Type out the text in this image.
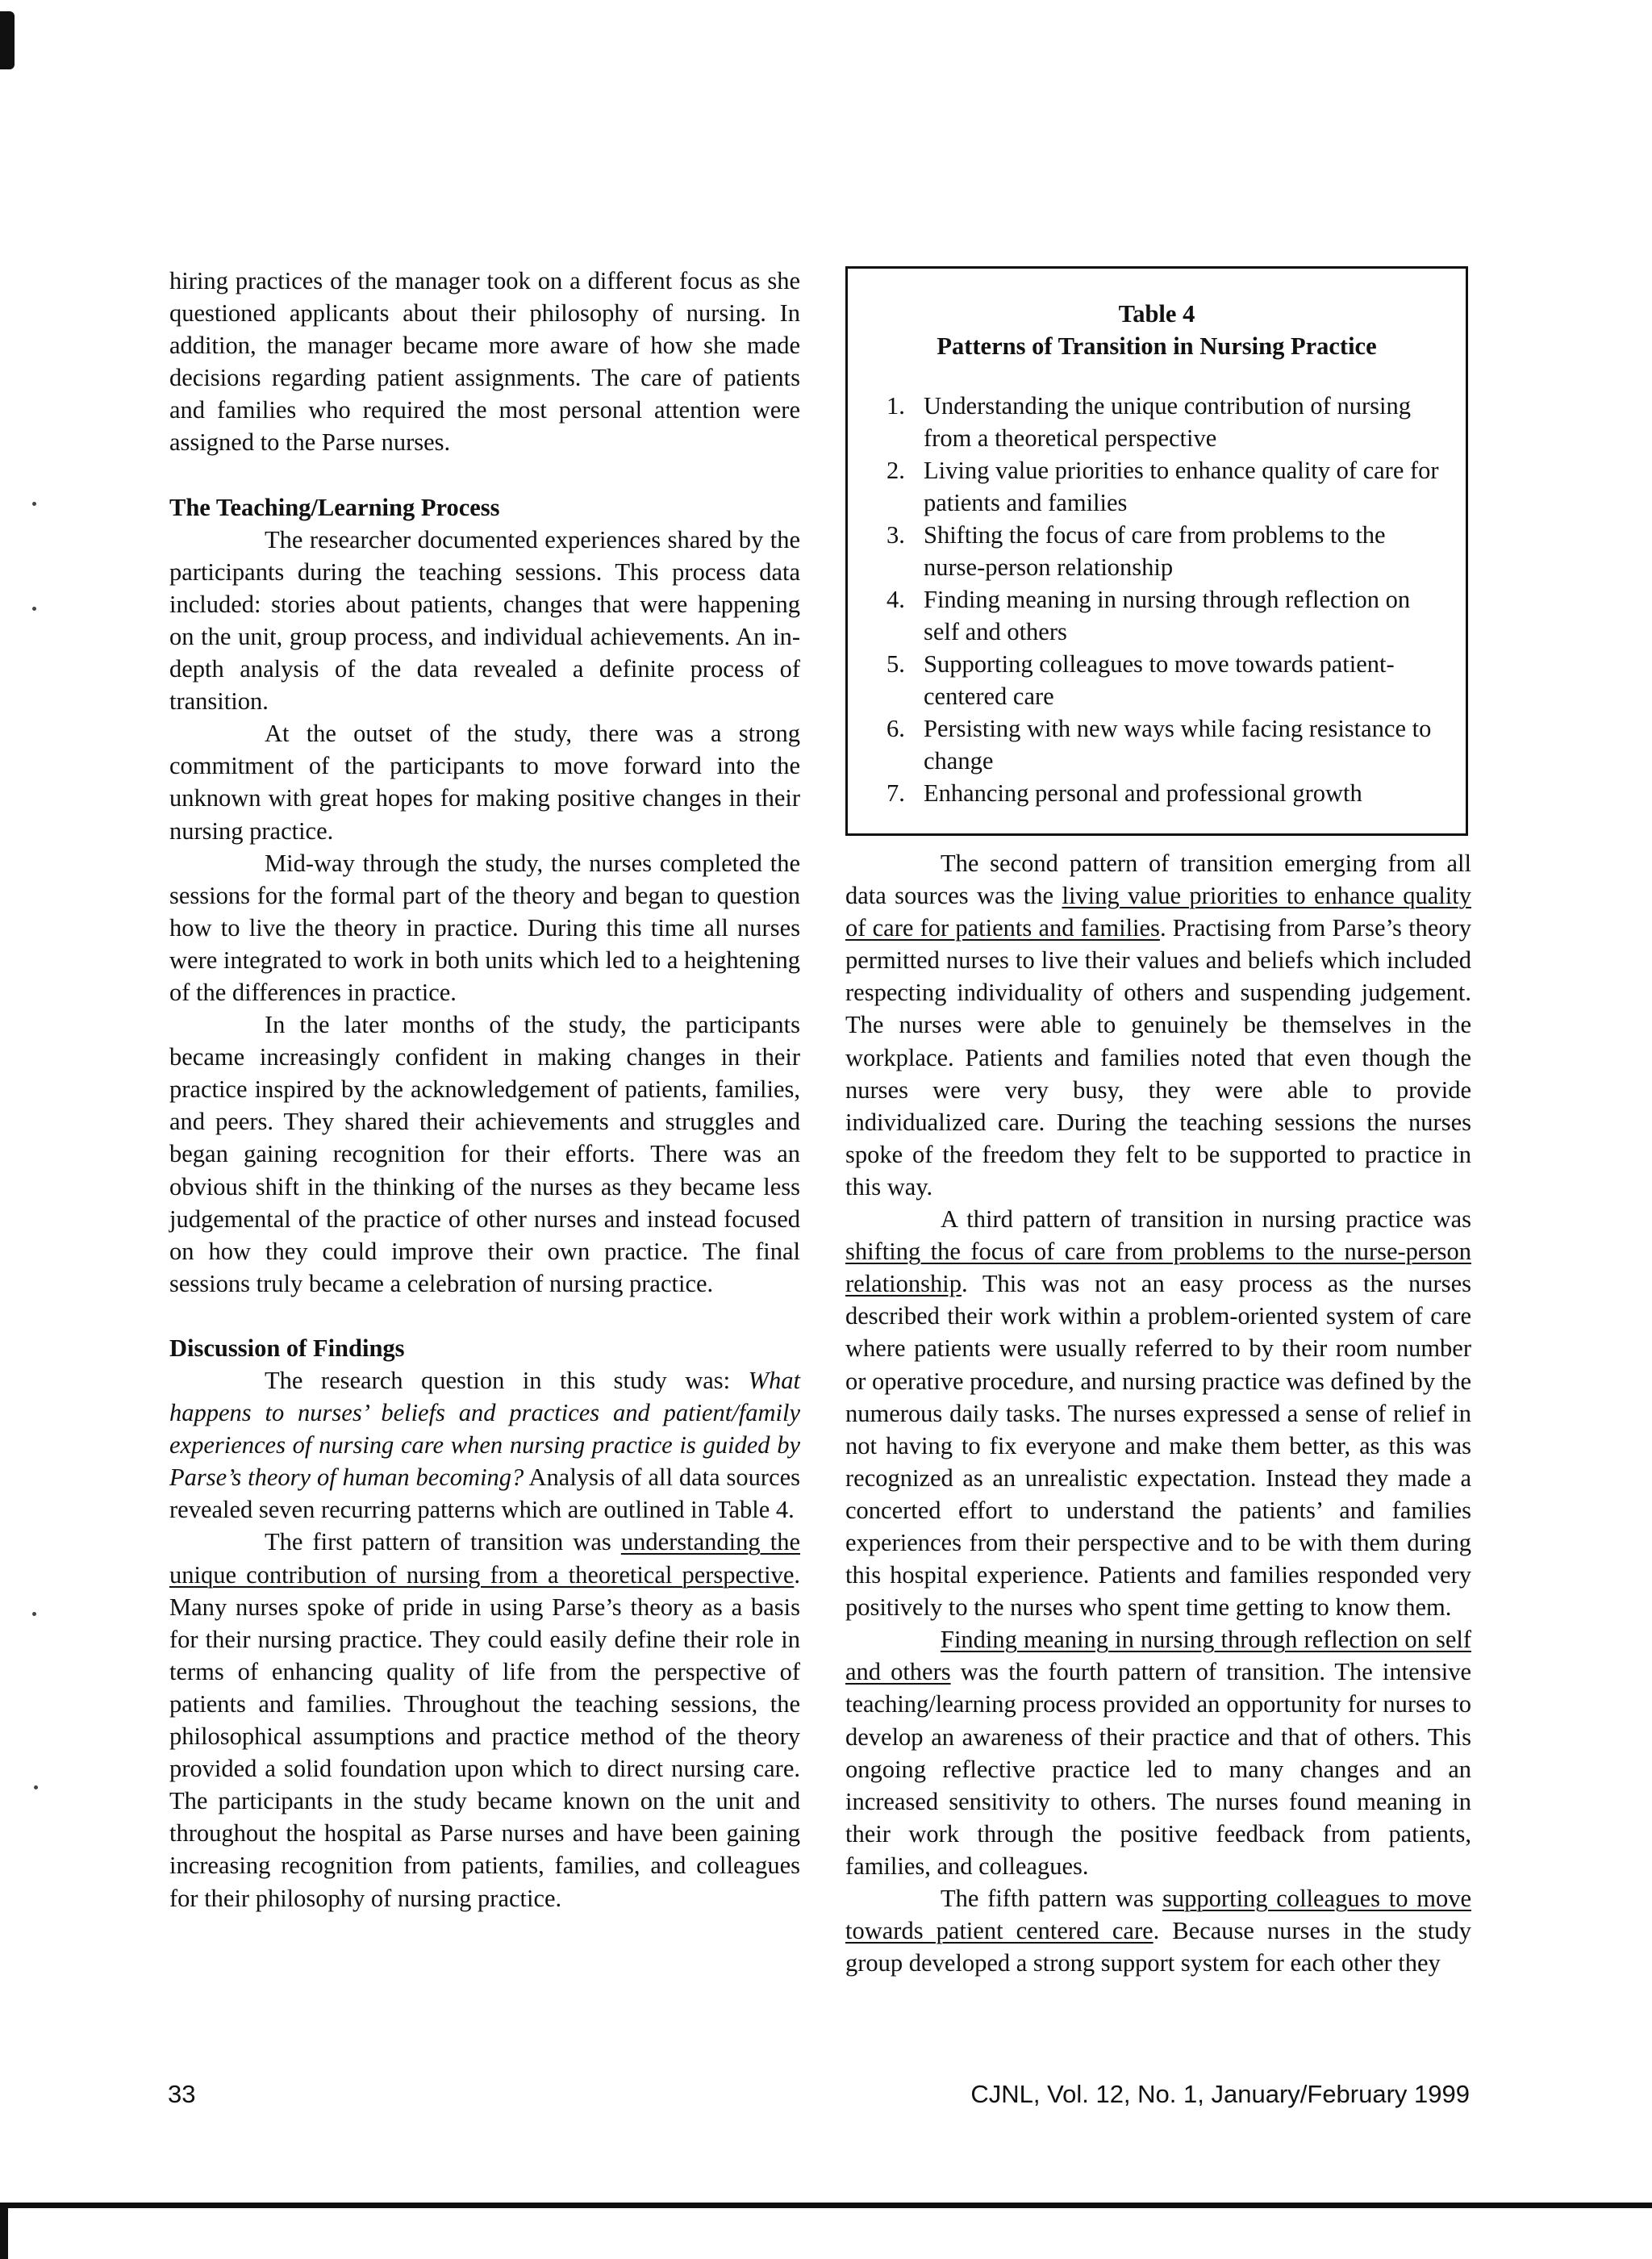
hiring practices of the manager took on a different focus as she questioned applicants about their philosophy of nursing. In addition, the manager became more aware of how she made decisions regarding patient assignments. The care of patients and families who required the most personal attention were assigned to the Parse nurses.

The Teaching/Learning Process

The researcher documented experiences shared by the participants during the teaching sessions. This process data included: stories about patients, changes that were happening on the unit, group process, and individual achievements. An in-depth analysis of the data revealed a definite process of transition.

At the outset of the study, there was a strong commitment of the participants to move forward into the unknown with great hopes for making positive changes in their nursing practice.

Mid-way through the study, the nurses completed the sessions for the formal part of the theory and began to question how to live the theory in practice. During this time all nurses were integrated to work in both units which led to a heightening of the differences in practice.

In the later months of the study, the participants became increasingly confident in making changes in their practice inspired by the acknowledgement of patients, families, and peers. They shared their achievements and struggles and began gaining recognition for their efforts. There was an obvious shift in the thinking of the nurses as they became less judgemental of the practice of other nurses and instead focused on how they could improve their own practice. The final sessions truly became a celebration of nursing practice.

Discussion of Findings

The research question in this study was: What happens to nurses’ beliefs and practices and patient/family experiences of nursing care when nursing practice is guided by Parse’s theory of human becoming? Analysis of all data sources revealed seven recurring patterns which are outlined in Table 4.

The first pattern of transition was understanding the unique contribution of nursing from a theoretical perspective. Many nurses spoke of pride in using Parse’s theory as a basis for their nursing practice. They could easily define their role in terms of enhancing quality of life from the perspective of patients and families. Throughout the teaching sessions, the philosophical assumptions and practice method of the theory provided a solid foundation upon which to direct nursing care. The participants in the study became known on the unit and throughout the hospital as Parse nurses and have been gaining increasing recognition from patients, families, and colleagues for their philosophy of nursing practice.

Table 4
Patterns of Transition in Nursing Practice
1. Understanding the unique contribution of nursing from a theoretical perspective
2. Living value priorities to enhance quality of care for patients and families
3. Shifting the focus of care from problems to the nurse-person relationship
4. Finding meaning in nursing through reflection on self and others
5. Supporting colleagues to move towards patient-centered care
6. Persisting with new ways while facing resistance to change
7. Enhancing personal and professional growth

The second pattern of transition emerging from all data sources was the living value priorities to enhance quality of care for patients and families. Practising from Parse’s theory permitted nurses to live their values and beliefs which included respecting individuality of others and suspending judgement. The nurses were able to genuinely be themselves in the workplace. Patients and families noted that even though the nurses were very busy, they were able to provide individualized care. During the teaching sessions the nurses spoke of the freedom they felt to be supported to practice in this way.

A third pattern of transition in nursing practice was shifting the focus of care from problems to the nurse-person relationship. This was not an easy process as the nurses described their work within a problem-oriented system of care where patients were usually referred to by their room number or operative procedure, and nursing practice was defined by the numerous daily tasks. The nurses expressed a sense of relief in not having to fix everyone and make them better, as this was recognized as an unrealistic expectation. Instead they made a concerted effort to understand the patients’ and families experiences from their perspective and to be with them during this hospital experience. Patients and families responded very positively to the nurses who spent time getting to know them.

Finding meaning in nursing through reflection on self and others was the fourth pattern of transition. The intensive teaching/learning process provided an opportunity for nurses to develop an awareness of their practice and that of others. This ongoing reflective practice led to many changes and an increased sensitivity to others. The nurses found meaning in their work through the positive feedback from patients, families, and colleagues.

The fifth pattern was supporting colleagues to move towards patient centered care. Because nurses in the study group developed a strong support system for each other they

33	CJNL, Vol. 12, No. 1, January/February 1999
